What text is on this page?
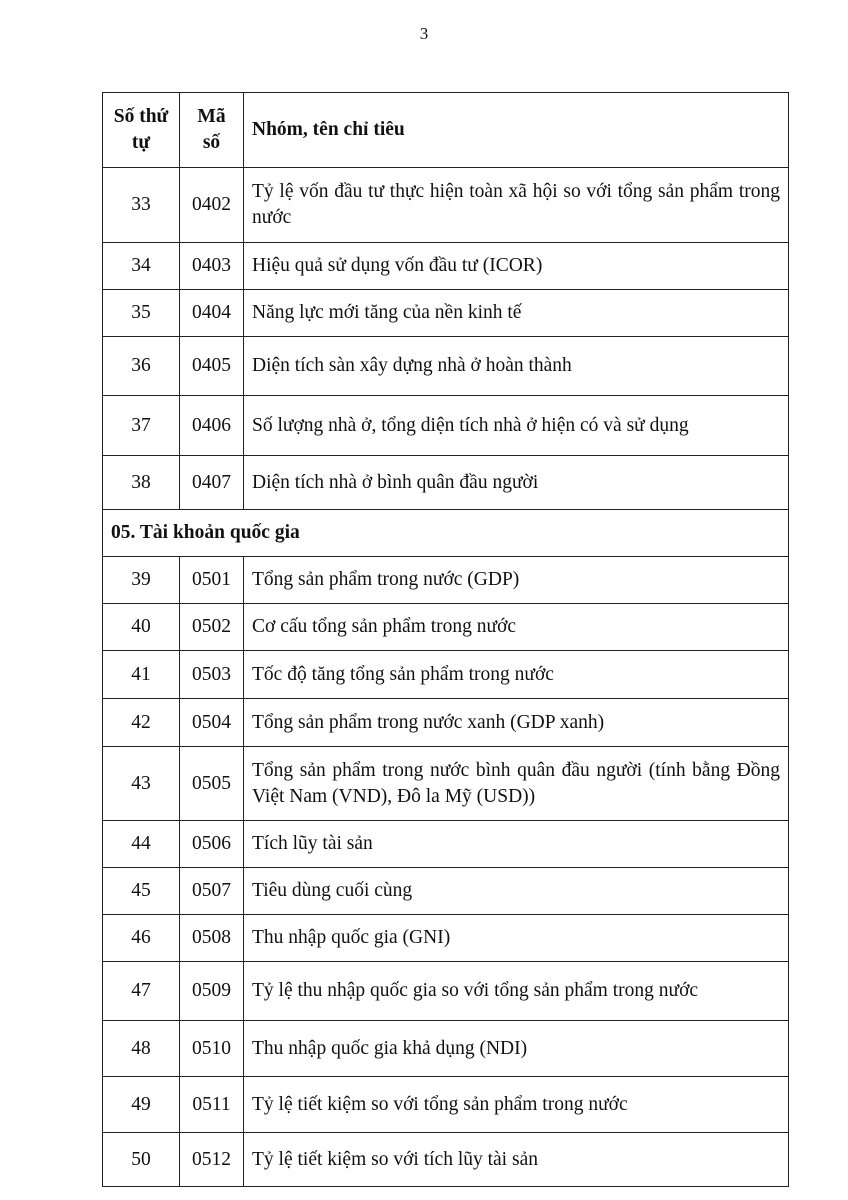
3
Số thứ tự	Mã số	Nhóm, tên chỉ tiêu
33	0402	Tỷ lệ vốn đầu tư thực hiện toàn xã hội so với tổng sản phẩm trong nước
34	0403	Hiệu quả sử dụng vốn đầu tư (ICOR)
35	0404	Năng lực mới tăng của nền kinh tế
36	0405	Diện tích sàn xây dựng nhà ở hoàn thành
37	0406	Số lượng nhà ở, tổng diện tích nhà ở hiện có và sử dụng
38	0407	Diện tích nhà ở bình quân đầu người
05. Tài khoản quốc gia		
39	0501	Tổng sản phẩm trong nước (GDP)
40	0502	Cơ cấu tổng sản phẩm trong nước
41	0503	Tốc độ tăng tổng sản phẩm trong nước
42	0504	Tổng sản phẩm trong nước xanh (GDP xanh)
43	0505	Tổng sản phẩm trong nước bình quân đầu người (tính bằng Đồng Việt Nam (VND), Đô la Mỹ (USD))
44	0506	Tích lũy tài sản
45	0507	Tiêu dùng cuối cùng
46	0508	Thu nhập quốc gia (GNI)
47	0509	Tỷ lệ thu nhập quốc gia so với tổng sản phẩm trong nước
48	0510	Thu nhập quốc gia khả dụng (NDI)
49	0511	Tỷ lệ tiết kiệm so với tổng sản phẩm trong nước
50	0512	Tỷ lệ tiết kiệm so với tích lũy tài sản
